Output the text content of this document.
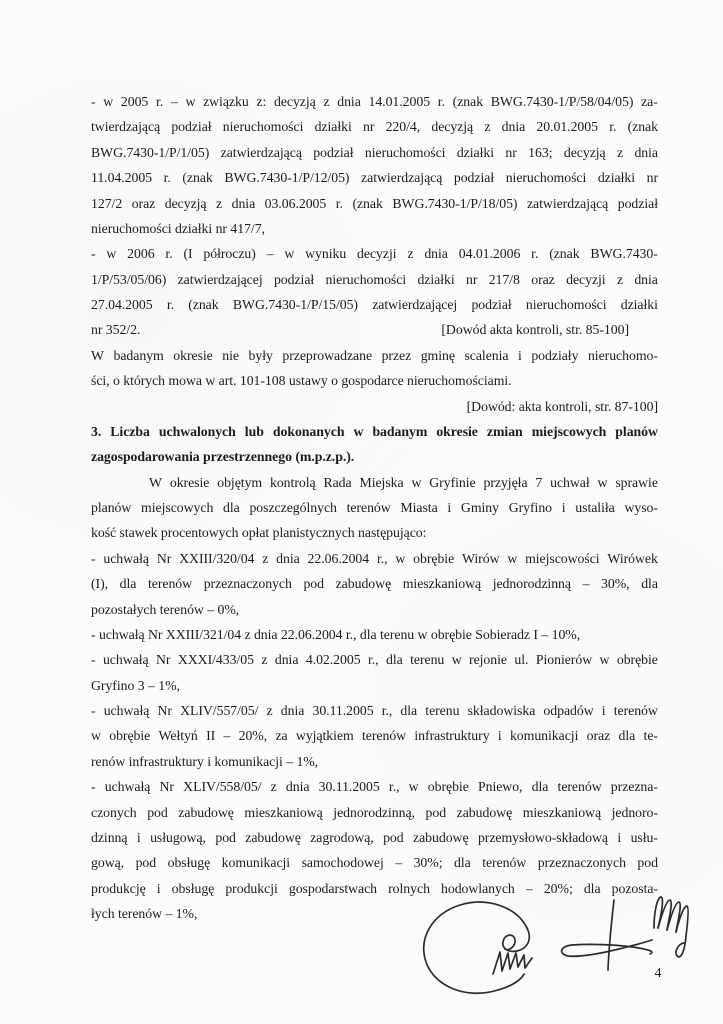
- w 2005 r. – w związku z: decyzją z dnia 14.01.2005 r. (znak BWG.7430-1/P/58/04/05) za-
twierdzającą podział nieruchomości działki nr 220/4, decyzją z dnia 20.01.2005 r. (znak
BWG.7430-1/P/1/05) zatwierdzającą podział nieruchomości działki nr 163; decyzją z dnia
11.04.2005 r. (znak BWG.7430-1/P/12/05) zatwierdzającą podział nieruchomości działki nr
127/2 oraz decyzją z dnia 03.06.2005 r. (znak BWG.7430-1/P/18/05) zatwierdzającą podział
nieruchomości działki nr 417/7,
- w 2006 r. (I półroczu) – w wyniku decyzji z dnia 04.01.2006 r. (znak BWG.7430-
1/P/53/05/06) zatwierdzającej podział nieruchomości działki nr 217/8 oraz decyzji z dnia
27.04.2005 r. (znak BWG.7430-1/P/15/05) zatwierdzającej podział nieruchomości działki
nr 352/2.	[Dowód akta kontroli, str. 85-100]
W badanym okresie nie były przeprowadzane przez gminę scalenia i podziały nieruchomo-
ści, o których mowa w art. 101-108 ustawy o gospodarce nieruchomościami.
[Dowód: akta kontroli, str. 87-100]
3. Liczba uchwalonych lub dokonanych w badanym okresie zmian miejscowych planów
zagospodarowania przestrzennego (m.p.z.p.).
W okresie objętym kontrolą Rada Miejska w Gryfinie przyjęła 7 uchwał w sprawie
planów miejscowych dla poszczególnych terenów Miasta i Gminy Gryfino i ustaliła wyso-
kość stawek procentowych opłat planistycznych następująco:
- uchwałą Nr XXIII/320/04 z dnia 22.06.2004 r., w obrębie Wirów w miejscowości Wirówek
(I), dla terenów przeznaczonych pod zabudowę mieszkaniową jednorodzinną – 30%, dla
pozostałych terenów – 0%,
- uchwałą Nr XXIII/321/04 z dnia 22.06.2004 r., dla terenu w obrębie Sobieradz I – 10%,
- uchwałą Nr XXXI/433/05 z dnia 4.02.2005 r., dla terenu w rejonie ul. Pionierów w obrębie
Gryfino 3 – 1%,
- uchwałą Nr XLIV/557/05/ z dnia 30.11.2005 r., dla terenu składowiska odpadów i terenów
w obrębie Wełtyń II – 20%, za wyjątkiem terenów infrastruktury i komunikacji oraz dla te-
renów infrastruktury i komunikacji – 1%,
- uchwałą Nr XLIV/558/05/ z dnia 30.11.2005 r., w obrębie Pniewo, dla terenów przezna-
czonych pod zabudowę mieszkaniową jednorodzinną, pod zabudowę mieszkaniową jednoro-
dzinną i usługową, pod zabudowę zagrodową, pod zabudowę przemysłowo-składową i usłu-
gową, pod obsługę komunikacji samochodowej – 30%; dla terenów przeznaczonych pod
produkcję i obsługę produkcji gospodarstwach rolnych hodowlanych – 20%; dla pozosta-
łych terenów – 1%,
4
